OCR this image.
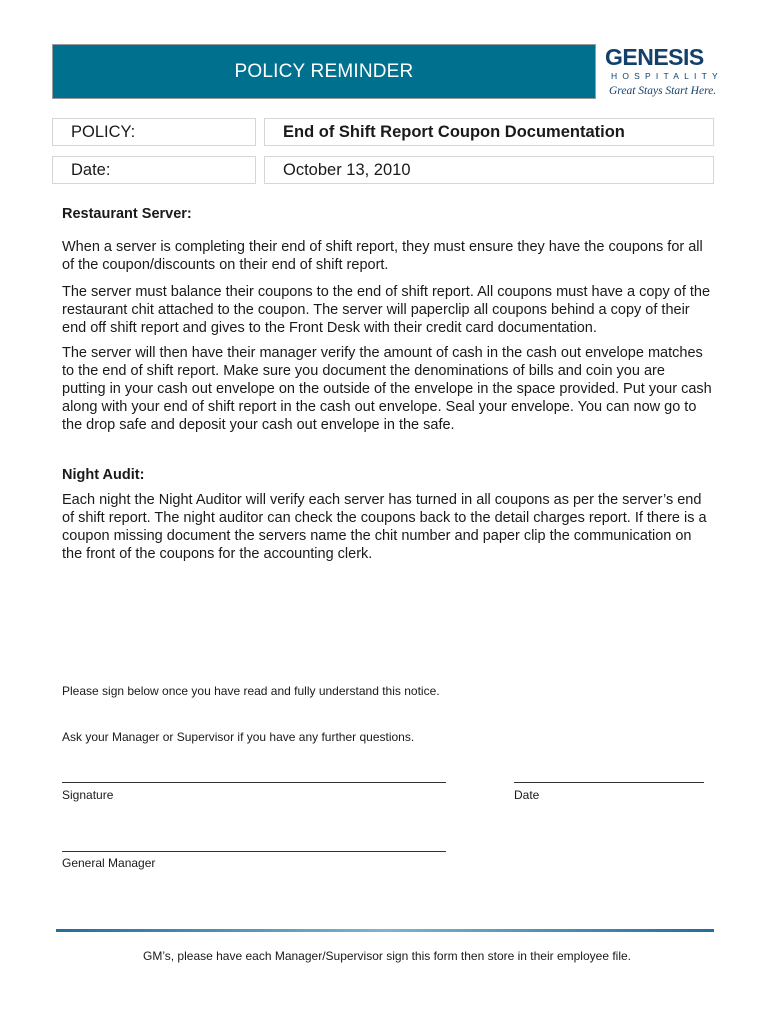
POLICY REMINDER
GENESIS
HOSPITALITY
Great Stays Start Here.
POLICY:	End of Shift Report Coupon Documentation
Date:	October 13, 2010
Restaurant Server:

When a server is completing their end of shift report, they must ensure they have the coupons for all of the coupon/discounts on their end of shift report.

The server must balance their coupons to the end of shift report. All coupons must have a copy of the restaurant chit attached to the coupon. The server will paperclip all coupons behind a copy of their end off shift report and gives to the Front Desk with their credit card documentation.

The server will then have their manager verify the amount of cash in the cash out envelope matches to the end of shift report. Make sure you document the denominations of bills and coin you are putting in your cash out envelope on the outside of the envelope in the space provided. Put your cash along with your end of shift report in the cash out envelope. Seal your envelope. You can now go to the drop safe and deposit your cash out envelope in the safe.

Night Audit:

Each night the Night Auditor will verify each server has turned in all coupons as per the server’s end of shift report. The night auditor can check the coupons back to the detail charges report. If there is a coupon missing document the servers name the chit number and paper clip the communication on the front of the coupons for the accounting clerk.

Please sign below once you have read and fully understand this notice.
Ask your Manager or Supervisor if you have any further questions.
Signature	Date
General Manager
GM’s, please have each Manager/Supervisor sign this form then store in their employee file.
